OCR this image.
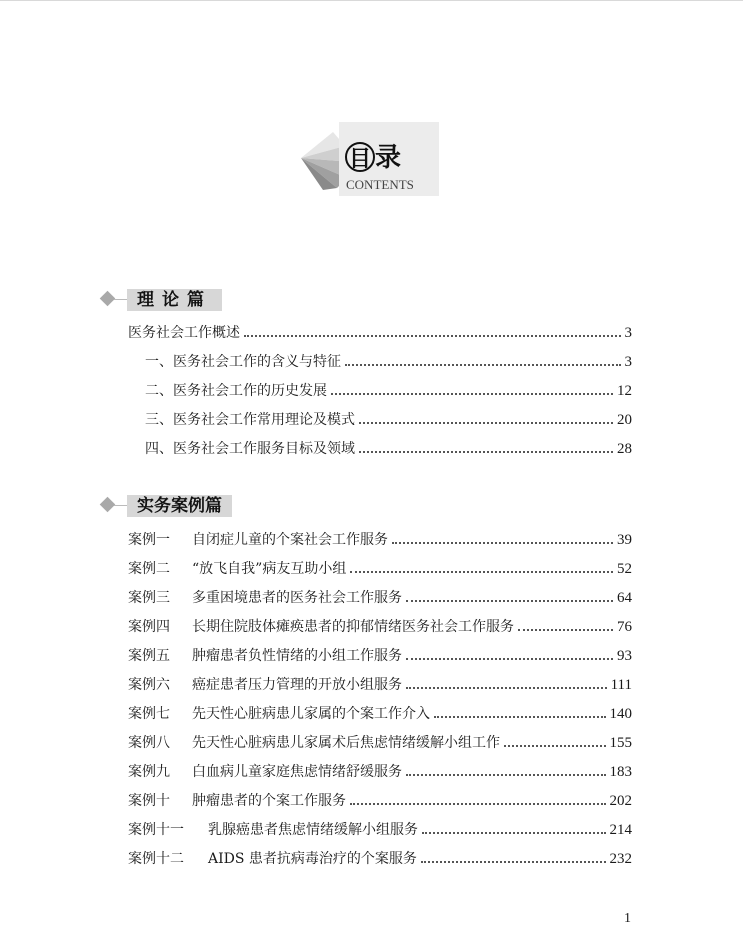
目 录
CONTENTS
理论篇
医务社会工作概述	3
一、医务社会工作的含义与特征	3
二、医务社会工作的历史发展	12
三、医务社会工作常用理论及模式	20
四、医务社会工作服务目标及领域	28
实务案例篇
案例一	自闭症儿童的个案社会工作服务	39
案例二	“放飞自我”病友互助小组	52
案例三	多重困境患者的医务社会工作服务	64
案例四	长期住院肢体瘫痪患者的抑郁情绪医务社会工作服务	76
案例五	肿瘤患者负性情绪的小组工作服务	93
案例六	癌症患者压力管理的开放小组服务	111
案例七	先天性心脏病患儿家属的个案工作介入	140
案例八	先天性心脏病患儿家属术后焦虑情绪缓解小组工作	155
案例九	白血病儿童家庭焦虑情绪舒缓服务	183
案例十	肿瘤患者的个案工作服务	202
案例十一	乳腺癌患者焦虑情绪缓解小组服务	214
案例十二	AIDS 患者抗病毒治疗的个案服务	232
1
